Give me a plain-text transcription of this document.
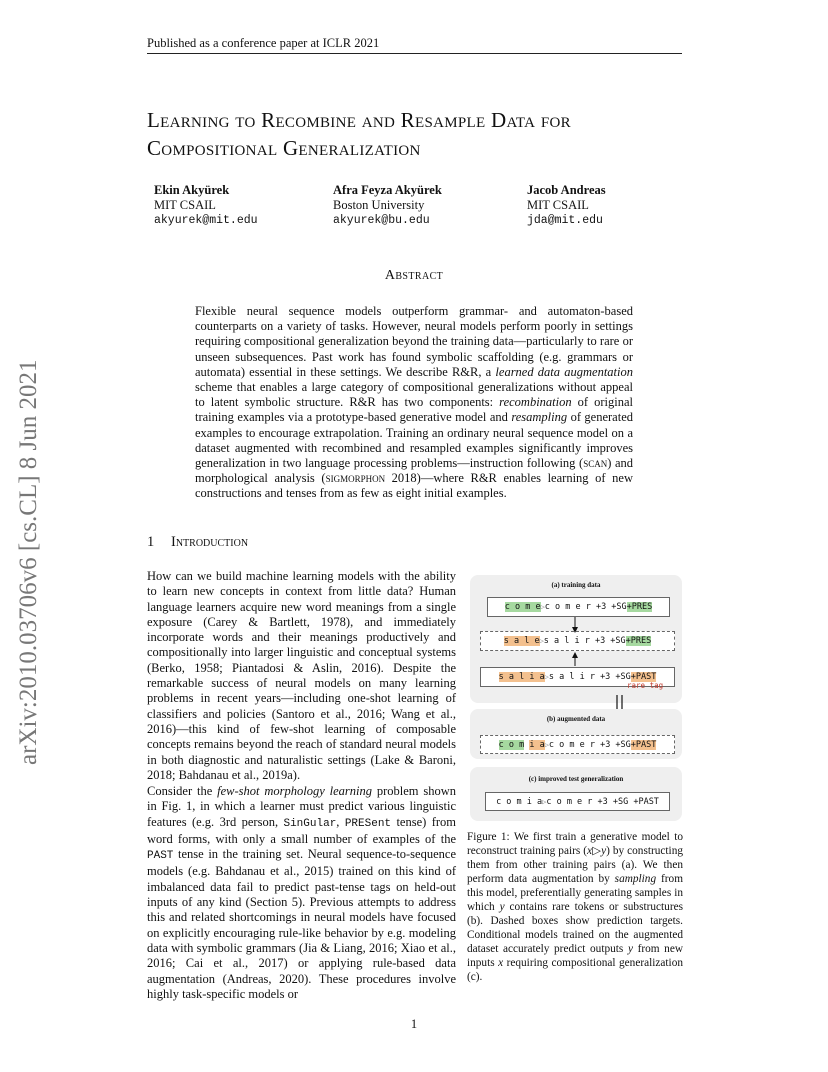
Published as a conference paper at ICLR 2021
arXiv:2010.03706v6 [cs.CL] 8 Jun 2021
Learning to Recombine and Resample Data for
Compositional Generalization
Ekin Akyürek
MIT CSAIL
akyurek@mit.edu
Afra Feyza Akyürek
Boston University
akyurek@bu.edu
Jacob Andreas
MIT CSAIL
jda@mit.edu
Abstract
Flexible neural sequence models outperform grammar- and automaton-based counterparts on a variety of tasks. However, neural models perform poorly in settings requiring compositional generalization beyond the training data—particularly to rare or unseen subsequences. Past work has found symbolic scaffolding (e.g. grammars or automata) essential in these settings. We describe R&R, a learned data augmentation scheme that enables a large category of compositional generalizations without appeal to latent symbolic structure. R&R has two components: recombination of original training examples via a prototype-based generative model and resampling of generated examples to encourage extrapolation. Training an ordinary neural sequence model on a dataset augmented with recombined and resampled examples significantly improves generalization in two language processing problems—instruction following (scan) and morphological analysis (sigmorphon 2018)—where R&R enables learning of new constructions and tenses from as few as eight initial examples.
1 Introduction
How can we build machine learning models with the ability to learn new concepts in context from little data? Human language learners acquire new word meanings from a single exposure (Carey & Bartlett, 1978), and immediately incorporate words and their meanings productively and compositionally into larger linguistic and conceptual systems (Berko, 1958; Piantadosi & Aslin, 2016). Despite the remarkable success of neural models on many learning problems in recent years—including one-shot learning of classifiers and policies (Santoro et al., 2016; Wang et al., 2016)—this kind of few-shot learning of composable concepts remains beyond the reach of standard neural models in both diagnostic and naturalistic settings (Lake & Baroni, 2018; Bahdanau et al., 2019a).
Consider the few-shot morphology learning problem shown in Fig. 1, in which a learner must predict various linguistic features (e.g. 3rd person, SinGular, PRESent tense) from word forms, with only a small number of examples of the PAST tense in the training set. Neural sequence-to-sequence models (e.g. Bahdanau et al., 2015) trained on this kind of imbalanced data fail to predict past-tense tags on held-out inputs of any kind (Section 5). Previous attempts to address this and related shortcomings in neural models have focused on explicitly encouraging rule-like behavior by e.g. modeling data with symbolic grammars (Jia & Liang, 2016; Xiao et al., 2016; Cai et al., 2017) or applying rule-based data augmentation (Andreas, 2020). These procedures involve highly task-specific models or
(a) training data
c o m e ▷ c o m e r +3 +SG +PRES
s a l e ▷ s a l i r +3 +SG +PRES
s a l i a ▷ s a l i r +3 +SG +PAST
rare tag
(b) augmented data
c o m
i a ▷ c o m e r +3 +SG +PAST
(c) improved test generalization
c o m i a ▷ c o m e r +3 +SG +PAST
Figure 1: We first train a generative model to reconstruct training pairs (x▷y) by constructing them from other training pairs (a). We then perform data augmentation by sampling from this model, preferentially generating samples in which y contains rare tokens or substructures (b). Dashed boxes show prediction targets. Conditional models trained on the augmented dataset accurately predict outputs y from new inputs x requiring compositional generalization (c).
1
